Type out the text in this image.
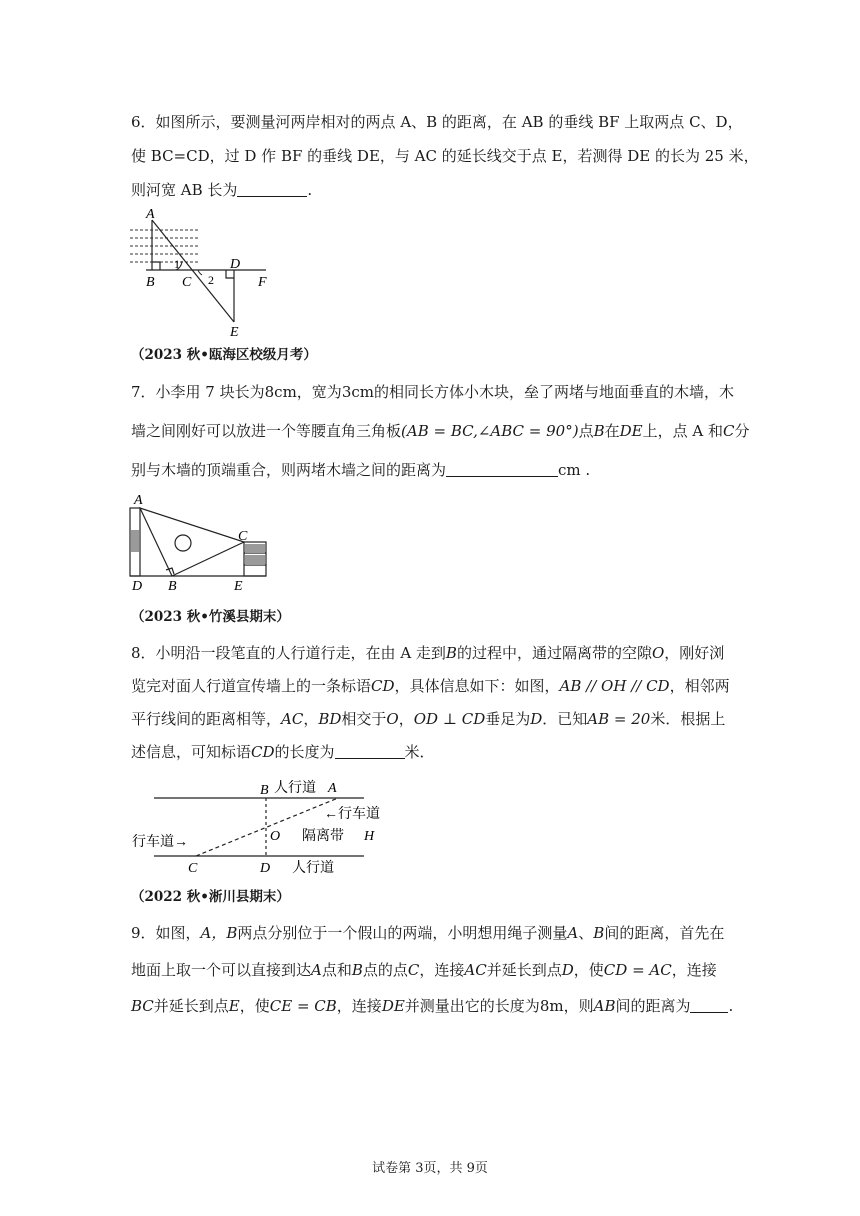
6．如图所示，要测量河两岸相对的两点 A、B 的距离，在 AB 的垂线 BF 上取两点 C、D，
使 BC=CD，过 D 作 BF 的垂线 DE，与 AC 的延长线交于点 E，若测得 DE 的长为 25 米，
则河宽 AB 长为	.
A
B C
D
F
E
1
2
（2023 秋•瓯海区校级月考）
7．小李用 7 块长为8cm，宽为3cm的相同长方体小木块，垒了两堵与地面垂直的木墙，木
墙之间刚好可以放进一个等腰直角三角板(AB = BC,∠ABC = 90°)点B在DE上，点 A 和C分
别与木墙的顶端重合，则两堵木墙之间的距离为	cm .
A
D B
C
E
（2023 秋•竹溪县期末）
8．小明沿一段笔直的人行道行走，在由 A 走到B的过程中，通过隔离带的空隙O，刚好浏
览完对面人行道宣传墙上的一条标语CD，具体信息如下：如图，AB // OH // CD，相邻两
平行线间的距离相等，AC，BD相交于O，OD ⊥ CD垂足为D．已知AB = 20米．根据上
述信息，可知标语CD的长度为	米．
B 人行道 A
←行车道
行车道→	O 隔离带 H
C	D 人行道
（2022 秋•淅川县期末）
9．如图，A，B两点分别位于一个假山的两端，小明想用绳子测量A、B间的距离，首先在
地面上取一个可以直接到达A点和B点的点C，连接AC并延长到点D，使CD = AC，连接
BC并延长到点E，使CE = CB，连接DE并测量出它的长度为8m，则AB间的距离为	.
试卷第 3页，共 9页
